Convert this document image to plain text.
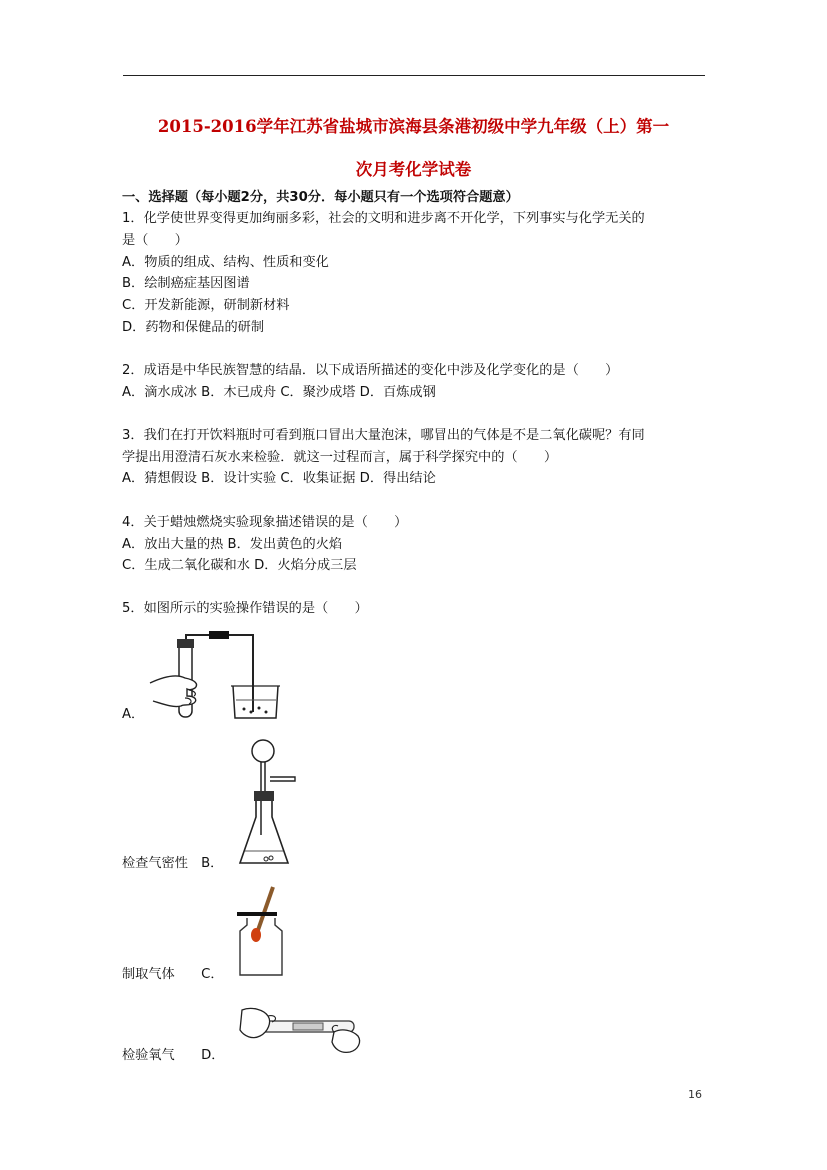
2015-2016学年江苏省盐城市滨海县条港初级中学九年级（上）第一
次月考化学试卷
一、选择题（每小题2分，共30分．每小题只有一个选项符合题意）
1．化学使世界变得更加绚丽多彩，社会的文明和进步离不开化学，下列事实与化学无关的
是（　　）
A．物质的组成、结构、性质和变化
B．绘制癌症基因图谱
C．开发新能源，研制新材料
D．药物和保健品的研制
2．成语是中华民族智慧的结晶．以下成语所描述的变化中涉及化学变化的是（　　）
A．滴水成冰 B．木已成舟 C．聚沙成塔 D．百炼成钢
3．我们在打开饮料瓶时可看到瓶口冒出大量泡沫，哪冒出的气体是不是二氧化碳呢？有同
学提出用澄清石灰水来检验．就这一过程而言，属于科学探究中的（　　）
A．猜想假设 B．设计实验 C．收集证据 D．得出结论
4．关于蜡烛燃烧实验现象描述错误的是（　　）
A．放出大量的热 B．发出黄色的火焰
C．生成二氧化碳和水 D．火焰分成三层
5．如图所示的实验操作错误的是（　　）
A．
检查气密性　B．
制取气体　　C．
检验氧气　　D．
16
